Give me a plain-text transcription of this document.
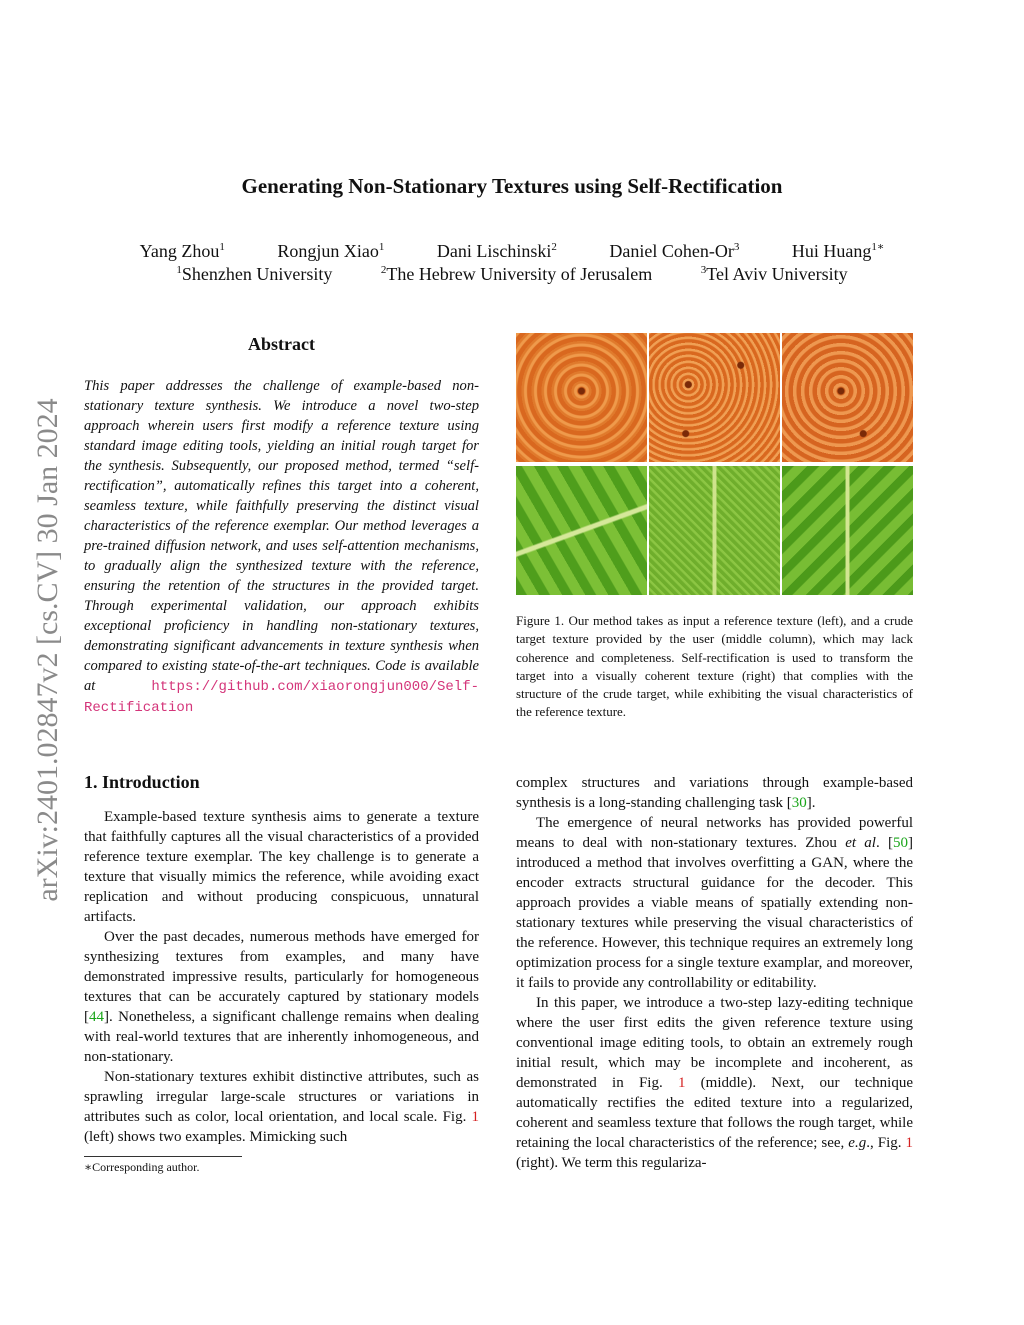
Generating Non-Stationary Textures using Self-Rectification
Yang Zhou$^1$	Rongjun Xiao$^1$	Dani Lischinski$^2$	Daniel Cohen-Or$^3$	Hui Huang$^{1∗}$
$^1$Shenzhen University	$^2$The Hebrew University of Jerusalem	$^3$Tel Aviv University
arXiv:2401.02847v2 [cs.CV] 30 Jan 2024
Abstract
This paper addresses the challenge of example-based non-stationary texture synthesis. We introduce a novel two-step approach wherein users first modify a reference texture using standard image editing tools, yielding an initial rough target for the synthesis. Subsequently, our proposed method, termed “self-rectification”, automatically refines this target into a coherent, seamless texture, while faithfully preserving the distinct visual characteristics of the reference exemplar. Our method leverages a pre-trained diffusion network, and uses self-attention mechanisms, to gradually align the synthesized texture with the reference, ensuring the retention of the structures in the provided target. Through experimental validation, our approach exhibits exceptional proficiency in handling non-stationary textures, demonstrating significant advancements in texture synthesis when compared to existing state-of-the-art techniques. Code is available at	https://github.com/xiaorongjun000/Self-Rectification
Figure 1. Our method takes as input a reference texture (left), and a crude target texture provided by the user (middle column), which may lack coherence and completeness. Self-rectification is used to transform the target into a visually coherent texture (right) that complies with the structure of the crude target, while exhibiting the visual characteristics of the reference texture.
1. Introduction

Example-based texture synthesis aims to generate a texture that faithfully captures all the visual characteristics of a provided reference texture exemplar. The key challenge is to generate a texture that visually mimics the reference, while avoiding exact replication and without producing conspicuous, unnatural artifacts.

Over the past decades, numerous methods have emerged for synthesizing textures from examples, and many have demonstrated impressive results, particularly for homogeneous textures that can be accurately captured by stationary models [44]. Nonetheless, a significant challenge remains when dealing with real-world textures that are inherently inhomogeneous, and non-stationary.

Non-stationary textures exhibit distinctive attributes, such as sprawling irregular large-scale structures or variations in attributes such as color, local orientation, and local scale. Fig. 1 (left) shows two examples. Mimicking such

complex structures and variations through example-based synthesis is a long-standing challenging task [30].

The emergence of neural networks has provided powerful means to deal with non-stationary textures. Zhou et al. [50] introduced a method that involves overfitting a GAN, where the encoder extracts structural guidance for the decoder. This approach provides a viable means of spatially extending non-stationary textures while preserving the visual characteristics of the reference. However, this technique requires an extremely long optimization process for a single texture examplar, and moreover, it fails to provide any controllability or editability.

In this paper, we introduce a two-step lazy-editing technique where the user first edits the given reference texture using conventional image editing tools, to obtain an extremely rough initial result, which may be incomplete and incoherent, as demonstrated in Fig. 1 (middle). Next, our technique automatically rectifies the edited texture into a regularized, coherent and seamless texture that follows the rough target, while retaining the local characteristics of the reference; see, e.g., Fig. 1 (right). We term this regulariza-

∗Corresponding author.
